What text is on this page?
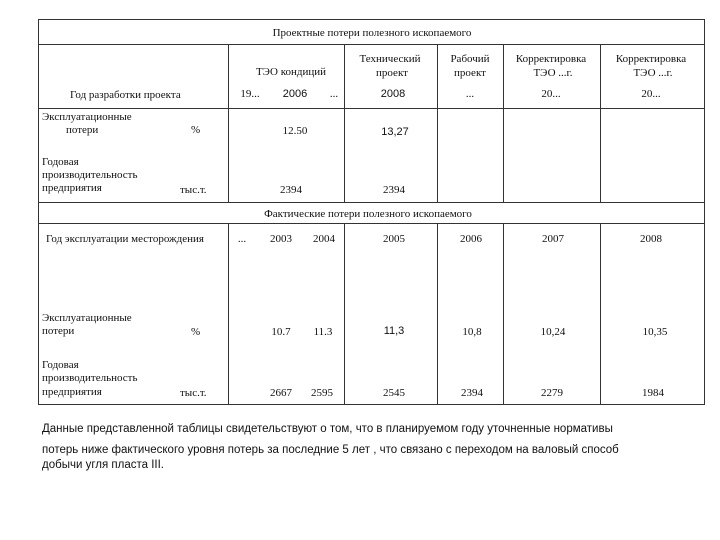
Проектные потери полезного ископаемого
ТЭО кондиций
Технический
проект
Рабочий
проект
Корректировка
ТЭО ...г.
Корректировка
ТЭО ...г.
Год разработки проекта	19... 2006 ...	2008	...	20...	20...
Эксплуатационные
потери	%	12.50	13,27
Годовая
производительность
предприятия	тыс.т.	2394	2394
Фактические потери полезного ископаемого
Год эксплуатации месторождения	... 2003 2004	2005	2006	2007	2008
Эксплуатационные
потери	%	10.7 11.3	11,3	10,8	10,24	10,35
Годовая
производительность
предприятия	тыс.т.	2667 2595	2545	2394	2279	1984
Данные представленной таблицы свидетельствуют о том, что в планируемом году уточненные нормативы
потерь ниже фактического уровня потерь за последние 5 лет , что связано с переходом на валовый способ
добычи угля пласта III.
